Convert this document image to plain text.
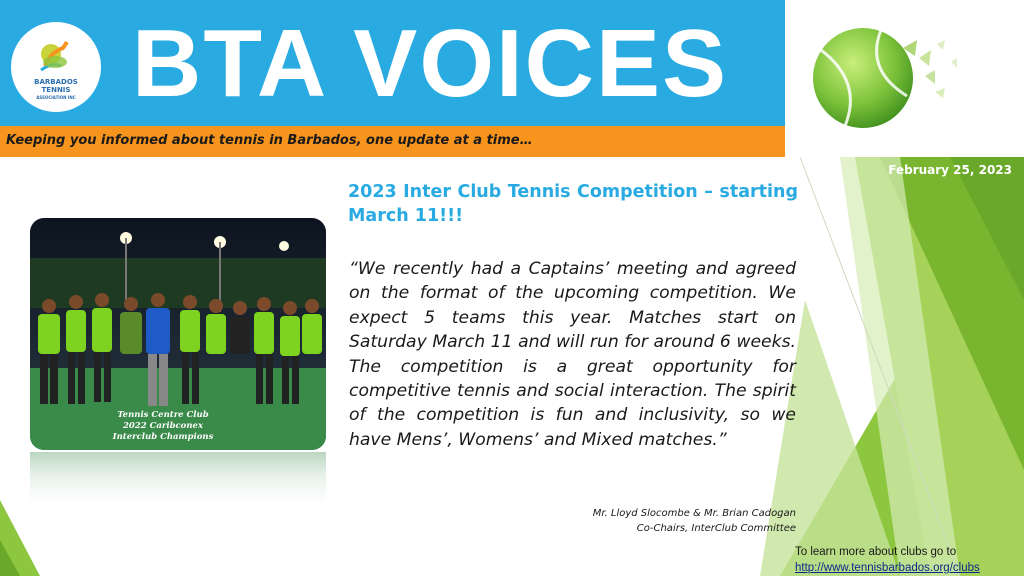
BARBADOS
TENNIS
ASSOCIATION INC BTA VOICES
Keeping you informed about tennis in Barbados, one update at a time…
February 25, 2023
Tennis Centre Club
2022 Caribconex
Interclub Champions
2023 Inter Club Tennis Competition – starting March 11!!!
“We recently had a Captains’ meeting and agreed on the format of the upcoming competition. We expect 5 teams this year. Matches start on Saturday March 11 and will run for around 6 weeks. The competition is a great opportunity for competitive tennis and social interaction. The spirit of the competition is fun and inclusivity, so we have Mens’, Womens’ and Mixed matches.”
Mr. Lloyd Slocombe & Mr. Brian Cadogan
Co-Chairs, InterClub Committee
To learn more about clubs go to
http://www.tennisbarbados.org/clubs
